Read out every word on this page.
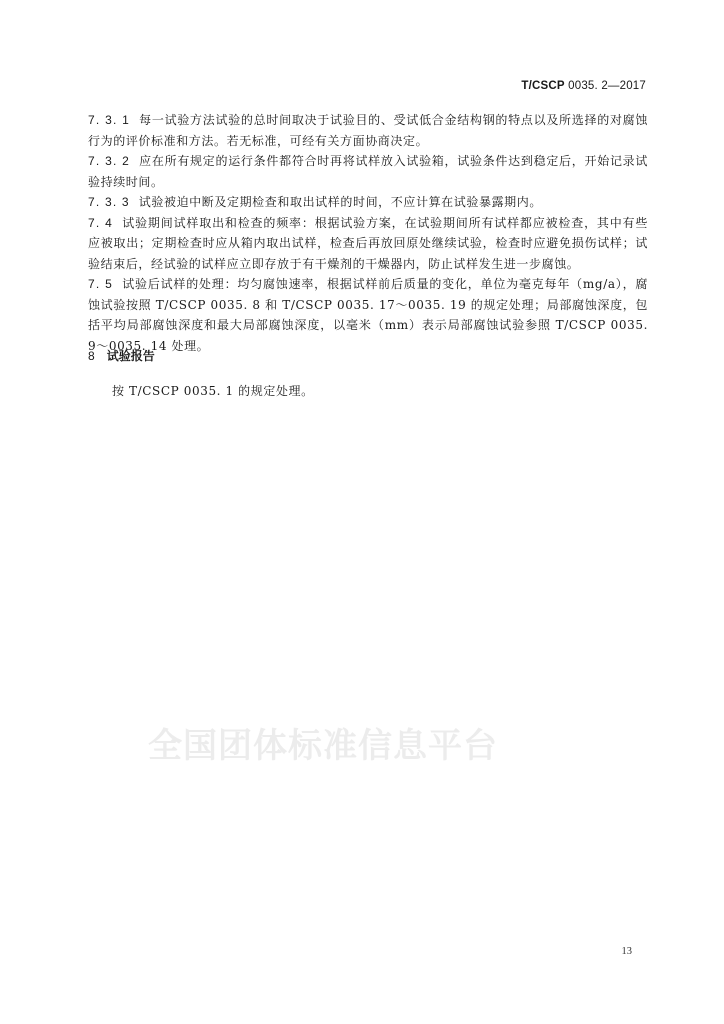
T/CSCP 0035. 2—2017

7. 3. 1 每一试验方法试验的总时间取决于试验目的、受试低合金结构钢的特点以及所选择的对腐蚀行为的评价标准和方法。若无标准，可经有关方面协商决定。

7. 3. 2 应在所有规定的运行条件都符合时再将试样放入试验箱，试验条件达到稳定后，开始记录试验持续时间。

7. 3. 3 试验被迫中断及定期检查和取出试样的时间，不应计算在试验暴露期内。

7. 4 试验期间试样取出和检查的频率：根据试验方案，在试验期间所有试样都应被检查，其中有些应被取出；定期检查时应从箱内取出试样，检查后再放回原处继续试验，检查时应避免损伤试样；试验结束后，经试验的试样应立即存放于有干燥剂的干燥器内，防止试样发生进一步腐蚀。

7. 5 试验后试样的处理：均匀腐蚀速率，根据试样前后质量的变化，单位为毫克每年（mg/a），腐蚀试验按照 T/CSCP 0035. 8 和 T/CSCP 0035. 17～0035. 19 的规定处理；局部腐蚀深度，包括平均局部腐蚀深度和最大局部腐蚀深度，以毫米（mm）表示局部腐蚀试验参照 T/CSCP 0035. 9～0035. 14 处理。

8 试验报告
按 T/CSCP 0035. 1 的规定处理。
全国团体标准信息平台
13
